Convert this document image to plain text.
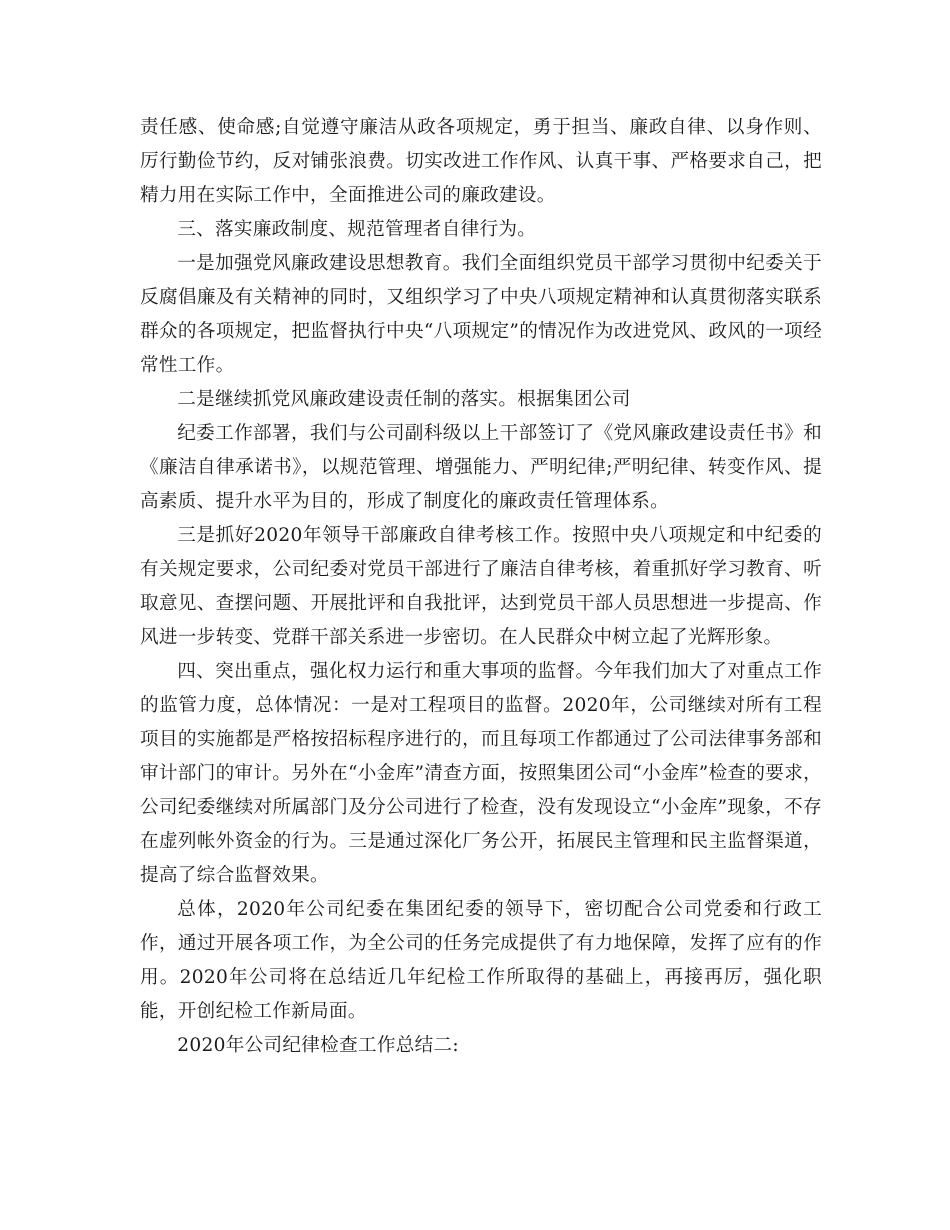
责任感、使命感;自觉遵守廉洁从政各项规定，勇于担当、廉政自律、以身作则、厉行勤俭节约，反对铺张浪费。切实改进工作作风、认真干事、严格要求自己，把精力用在实际工作中，全面推进公司的廉政建设。

三、落实廉政制度、规范管理者自律行为。

一是加强党风廉政建设思想教育。我们全面组织党员干部学习贯彻中纪委关于反腐倡廉及有关精神的同时，又组织学习了中央八项规定精神和认真贯彻落实联系群众的各项规定，把监督执行中央“八项规定”的情况作为改进党风、政风的一项经常性工作。

二是继续抓党风廉政建设责任制的落实。根据集团公司

纪委工作部署，我们与公司副科级以上干部签订了《党风廉政建设责任书》和《廉洁自律承诺书》，以规范管理、增强能力、严明纪律;严明纪律、转变作风、提高素质、提升水平为目的，形成了制度化的廉政责任管理体系。

三是抓好2020年领导干部廉政自律考核工作。按照中央八项规定和中纪委的有关规定要求，公司纪委对党员干部进行了廉洁自律考核，着重抓好学习教育、听取意见、查摆问题、开展批评和自我批评，达到党员干部人员思想进一步提高、作风进一步转变、党群干部关系进一步密切。在人民群众中树立起了光辉形象。

四、突出重点，强化权力运行和重大事项的监督。今年我们加大了对重点工作的监管力度，总体情况：一是对工程项目的监督。2020年，公司继续对所有工程项目的实施都是严格按招标程序进行的，而且每项工作都通过了公司法律事务部和审计部门的审计。另外在“小金库”清查方面，按照集团公司“小金库”检查的要求，公司纪委继续对所属部门及分公司进行了检查，没有发现设立“小金库”现象，不存在虚列帐外资金的行为。三是通过深化厂务公开，拓展民主管理和民主监督渠道，提高了综合监督效果。

总体，2020年公司纪委在集团纪委的领导下，密切配合公司党委和行政工作，通过开展各项工作，为全公司的任务完成提供了有力地保障，发挥了应有的作用。2020年公司将在总结近几年纪检工作所取得的基础上，再接再厉，强化职能，开创纪检工作新局面。

2020年公司纪律检查工作总结二:
